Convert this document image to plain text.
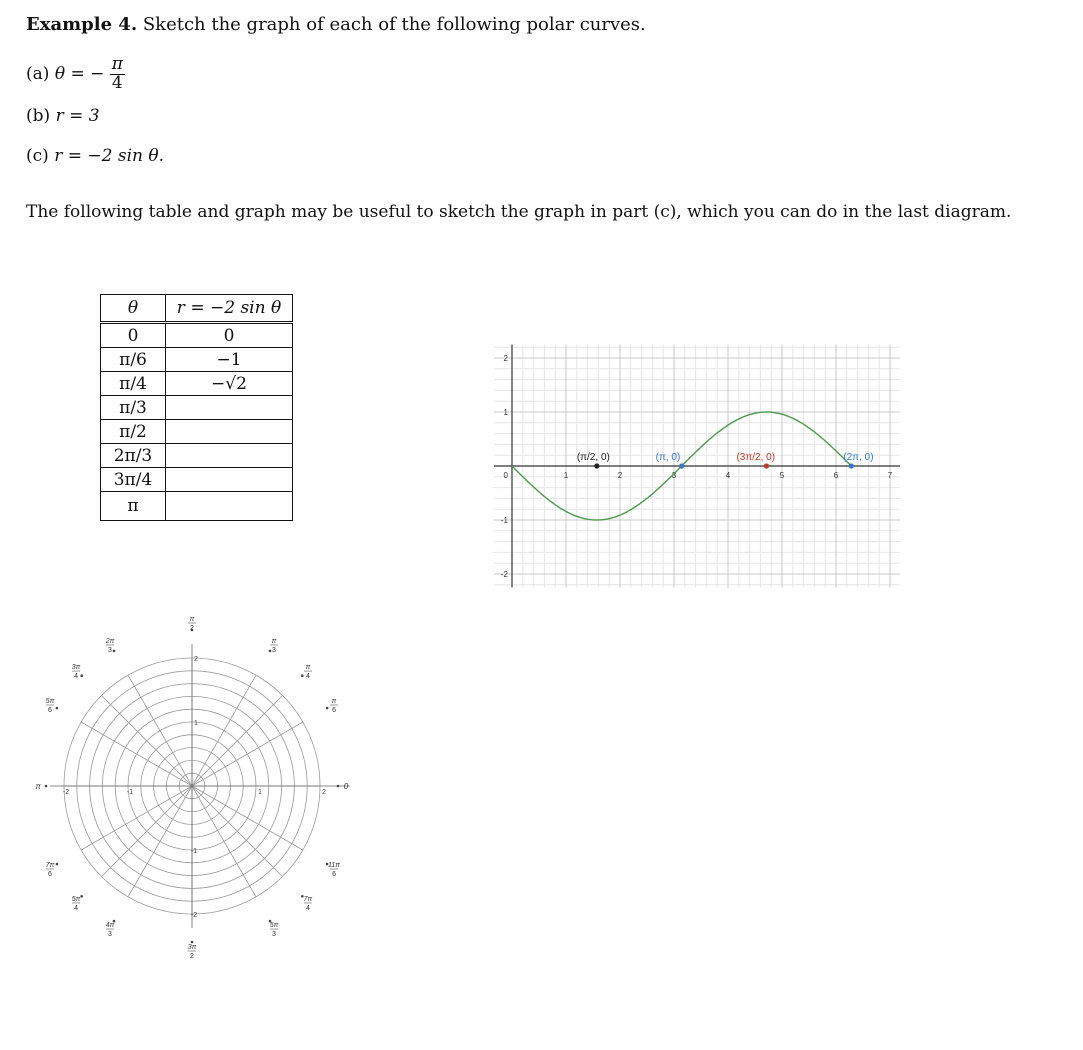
Example 4. Sketch the graph of each of the following polar curves.
(a) θ = − $\frac{\pi}{4}$
(b) r = 3
(c) r = −2 sin θ.
The following table and graph may be useful to sketch the graph in part (c), which you can do in the last diagram.
θ	r = −2 sin θ
0	0
π/6	−1
π/4	−√2
π/3	
π/2	
2π/3	
3π/4	
π	
1	2	3	4	5	6	7
2
1
0
-1
-2
(π/2, 0)	(π, 0)	(3π/2, 0)	(2π, 0)
1	2
-1
-2
1
2
-1
-2
0
π
6
π
4
π
3
π
2
2π
3
3π
4
5π
6
π
7π
6
5π
4
4π
3
3π
2
5π
3
7π
4
11π
6
